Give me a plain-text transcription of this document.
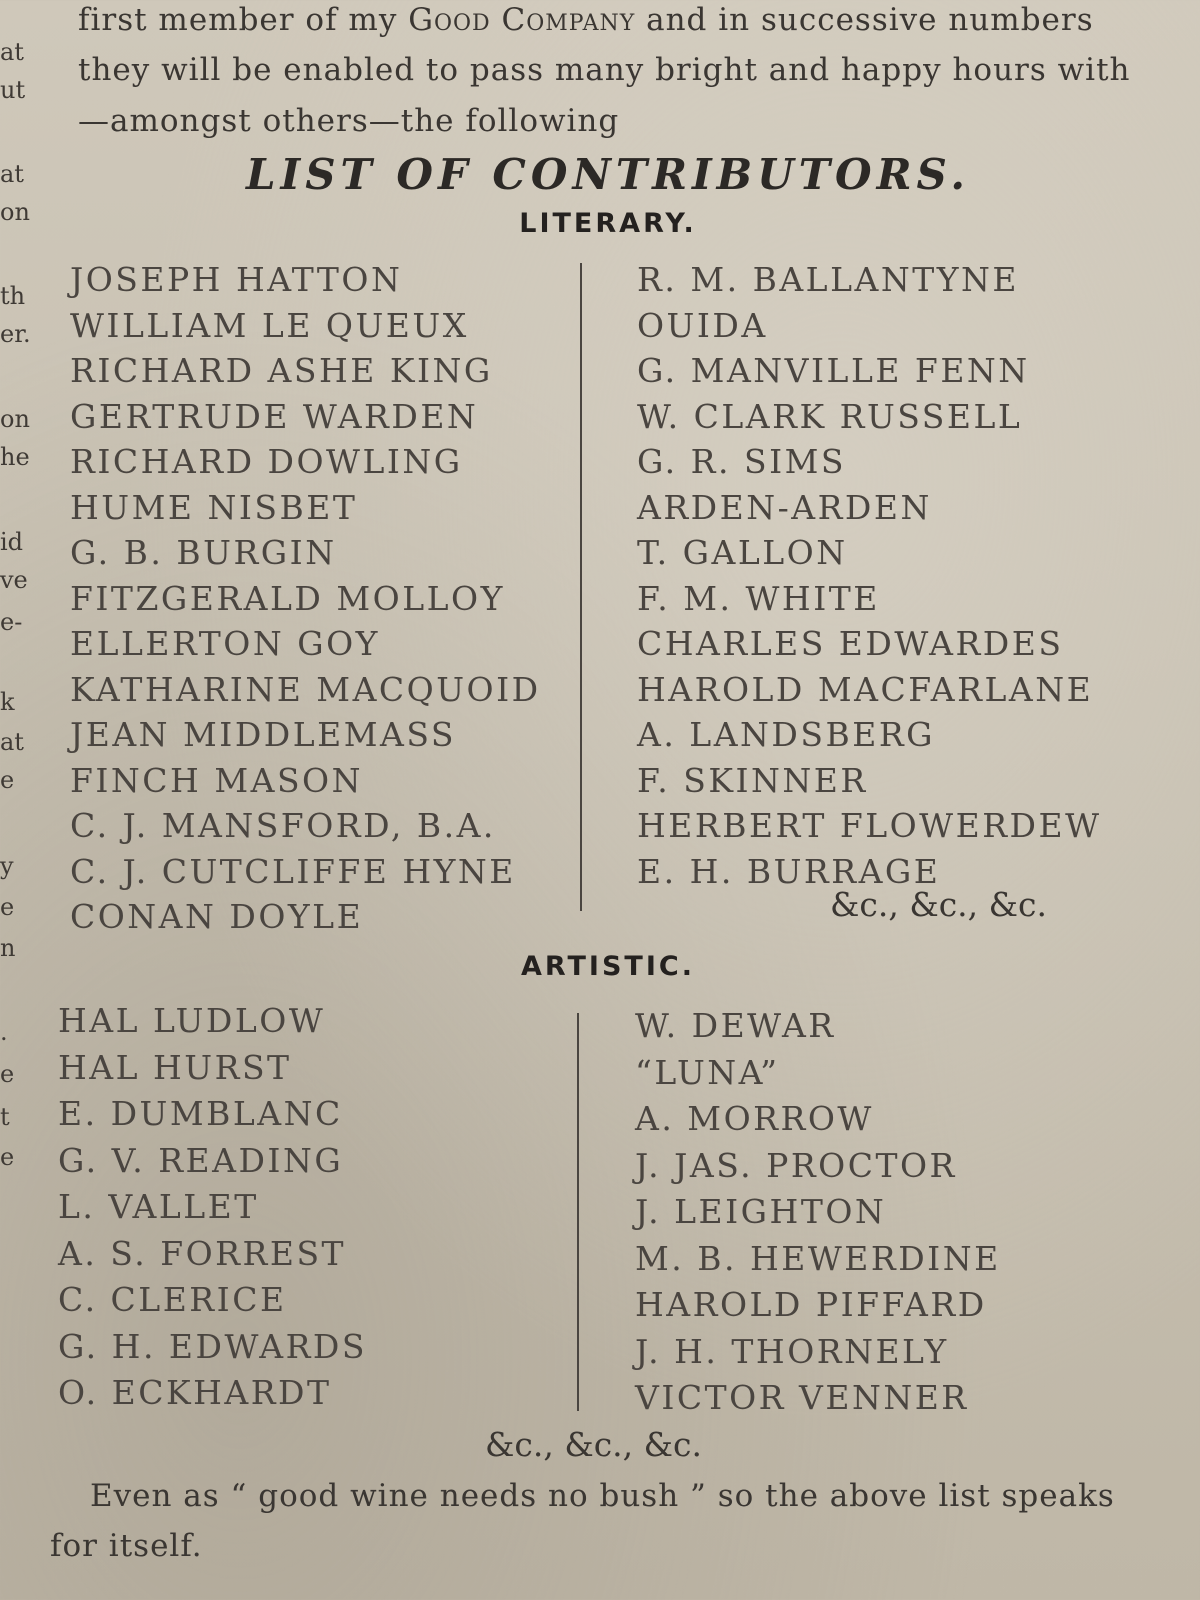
at
ut
at
on
th
er.
on
he
id
ve
e-
k
at
e
y
e
n
.
e
t
e
first member of my Good Company and in successive numbers
they will be enabled to pass many bright and happy hours with
—amongst others—the following
LIST OF CONTRIBUTORS.
LITERARY.
JOSEPH HATTON
WILLIAM LE QUEUX
RICHARD ASHE KING
GERTRUDE WARDEN
RICHARD DOWLING
HUME NISBET
G. B. BURGIN
FITZGERALD MOLLOY
ELLERTON GOY
KATHARINE MACQUOID
JEAN MIDDLEMASS
FINCH MASON
C. J. MANSFORD, B.A.
C. J. CUTCLIFFE HYNE
CONAN DOYLE
R. M. BALLANTYNE
OUIDA
G. MANVILLE FENN
W. CLARK RUSSELL
G. R. SIMS
ARDEN-ARDEN
T. GALLON
F. M. WHITE
CHARLES EDWARDES
HAROLD MACFARLANE
A. LANDSBERG
F. SKINNER
HERBERT FLOWERDEW
E. H. BURRAGE
&c., &c., &c.
ARTISTIC.
HAL LUDLOW
HAL HURST
E. DUMBLANC
G. V. READING
L. VALLET
A. S. FORREST
C. CLERICE
G. H. EDWARDS
O. ECKHARDT
W. DEWAR
“LUNA”
A. MORROW
J. JAS. PROCTOR
J. LEIGHTON
M. B. HEWERDINE
HAROLD PIFFARD
J. H. THORNELY
VICTOR VENNER
&c., &c., &c.
Even as “ good wine needs no bush ” so the above list speaks
for itself.
